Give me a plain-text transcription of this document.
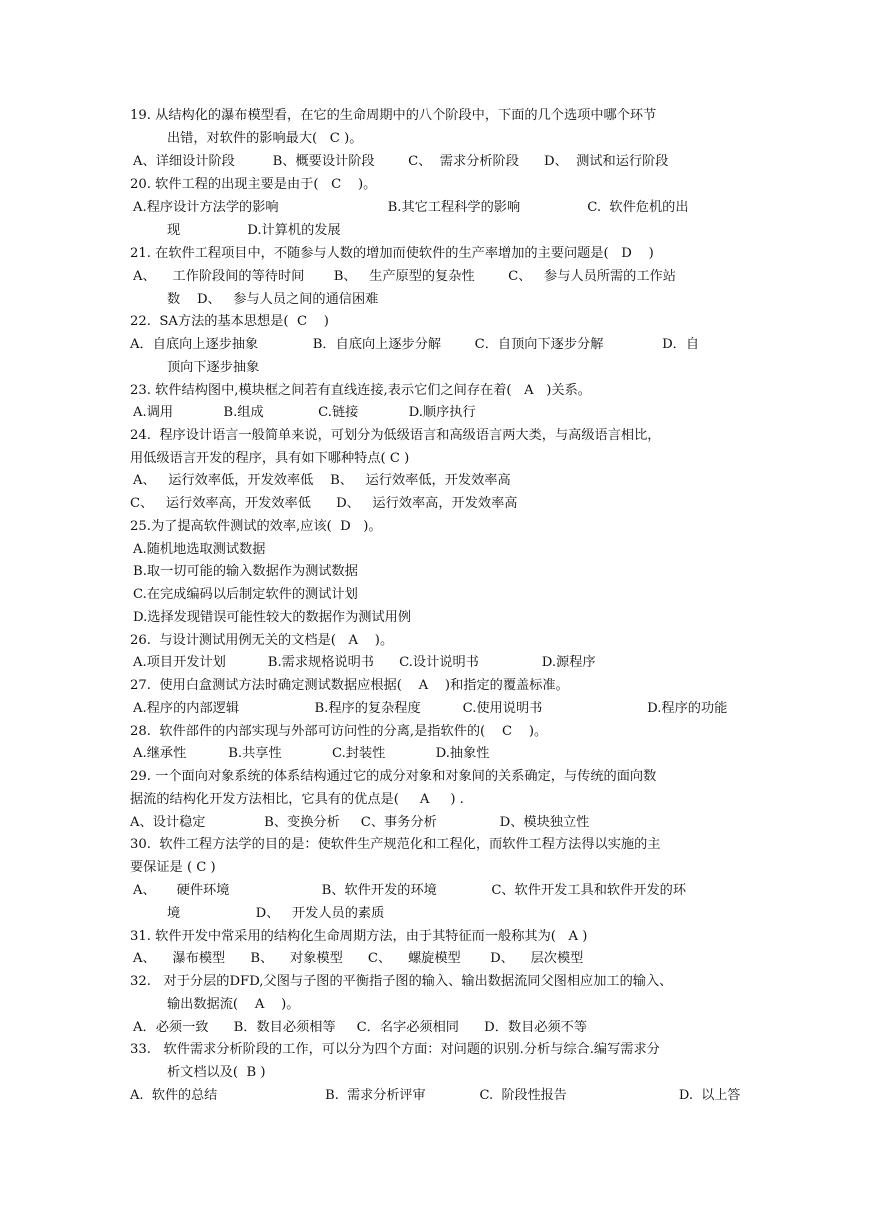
19. 从结构化的瀑布模型看，在它的生命周期中的八个阶段中，下面的几个选项中哪个环节
出错，对软件的影响最大(   C )。
A、详细设计阶段         B、概要设计阶段        C、  需求分析阶段      D、  测试和运行阶段
20. 软件工程的出现主要是由于(   C    )。
A.程序设计方法学的影响                          B.其它工程科学的影响                C.  软件危机的出
现                D.计算机的发展
21. 在软件工程项目中，不随参与人数的增加而使软件的生产率增加的主要问题是(   D    )
A、    工作阶段间的等待时间       B、   生产原型的复杂性        C、   参与人员所需的工作站
数    D、   参与人员之间的通信困难
22.  SA方法的基本思想是(  C    )
A．自底向上逐步抽象             B．自底向上逐步分解        C．自顶向下逐步分解              D．自
顶向下逐步抽象
23. 软件结构图中,模块框之间若有直线连接,表示它们之间存在着(   A   )关系。
A.调用            B.组成             C.链接            D.顺序执行
24.  程序设计语言一般简单来说，可划分为低级语言和高级语言两大类，与高级语言相比，
用低级语言开发的程序，具有如下哪种特点( C )
A、   运行效率低，开发效率低    B、   运行效率低，开发效率高
C、   运行效率高，开发效率低      D、   运行效率高，开发效率高
25.为了提高软件测试的效率,应该(  D   )。
A.随机地选取测试数据
B.取一切可能的输入数据作为测试数据
C.在完成编码以后制定软件的测试计划
D.选择发现错误可能性较大的数据作为测试用例
26.  与设计测试用例无关的文档是(   A    )。
A.项目开发计划          B.需求规格说明书      C.设计说明书               D.源程序
27.  使用白盒测试方法时确定测试数据应根据(    A    )和指定的覆盖标准。
A.程序的内部逻辑                  B.程序的复杂程度          C.使用说明书                         D.程序的功能
28.  软件部件的内部实现与外部可访问性的分离,是指软件的(    C    )。
A.继承性          B.共享性            C.封装性            D.抽象性
29. 一个面向对象系统的体系结构通过它的成分对象和对象间的关系确定，与传统的面向数
据流的结构化开发方法相比，它具有的优点是(     A     ) .
A、设计稳定              B、变换分析     C、事务分析               D、模块独立性
30.  软件工程方法学的目的是：使软件生产规范化和工程化，而软件工程方法得以实施的主
要保证是 ( C )
A、     硬件环境                      B、软件开发的环境             C、软件开发工具和软件开发的环
境                  D、   开发人员的素质
31. 软件开发中常采用的结构化生命周期方法，由于其特征而一般称其为(   A )
A、    瀑布模型      B、    对象模型      C、    螺旋模型       D、    层次模型
32.   对于分层的DFD,父图与子图的平衡指子图的输入、输出数据流同父图相应加工的输入、
输出数据流(    A    )。
A．必须一致      B．数目必须相等     C．名字必须相同      D．数目必须不等
33.   软件需求分析阶段的工作，可以分为四个方面：对问题的识别.分析与综合.编写需求分
析文档以及(  B )
A.  软件的总结                          B.  需求分析评审             C.  阶段性报告                           D.  以上答
